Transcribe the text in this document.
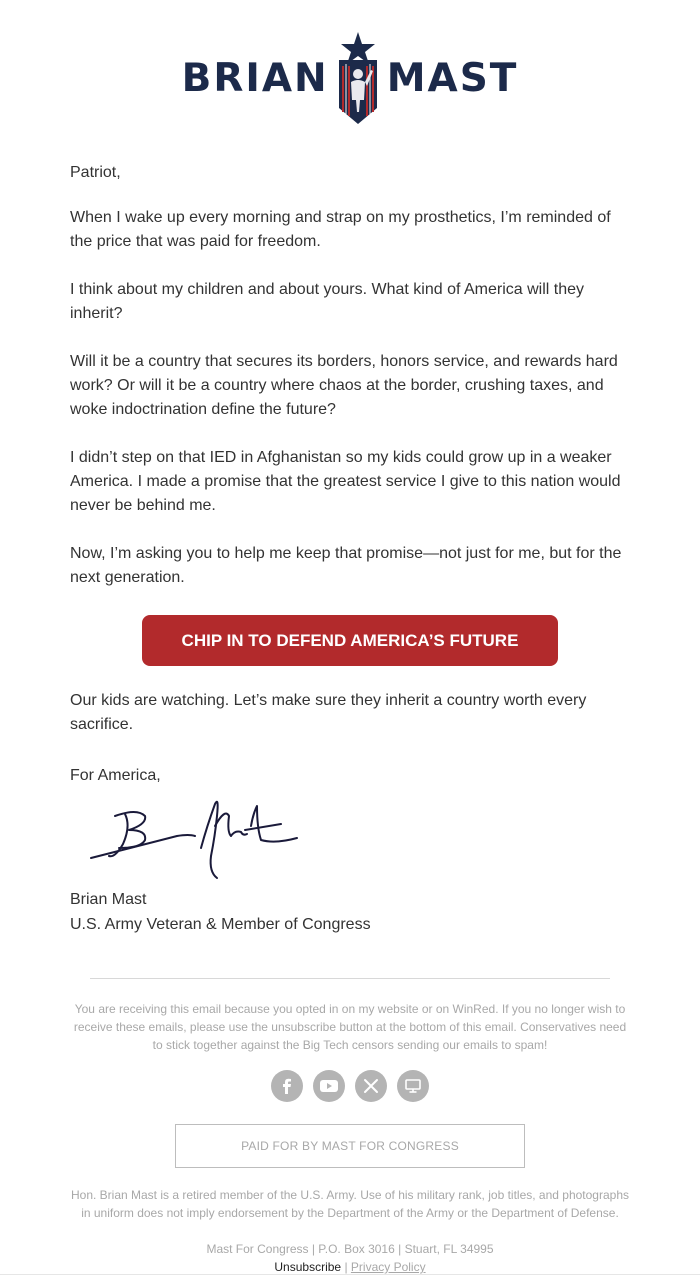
BRIAN MAST

Patriot,

When I wake up every morning and strap on my prosthetics, I’m reminded of the price that was paid for freedom.

I think about my children and about yours. What kind of America will they inherit?

Will it be a country that secures its borders, honors service, and rewards hard work? Or will it be a country where chaos at the border, crushing taxes, and woke indoctrination define the future?

I didn’t step on that IED in Afghanistan so my kids could grow up in a weaker America. I made a promise that the greatest service I give to this nation would never be behind me.

Now, I’m asking you to help me keep that promise—not just for me, but for the next generation.

CHIP IN TO DEFEND AMERICA’S FUTURE

Our kids are watching. Let’s make sure they inherit a country worth every sacrifice.

For America,

Brian Mast

U.S. Army Veteran & Member of Congress

You are receiving this email because you opted in on my website or on WinRed. If you no longer wish to receive these emails, please use the unsubscribe button at the bottom of this email. Conservatives need to stick together against the Big Tech censors sending our emails to spam!
PAID FOR BY MAST FOR CONGRESS
Hon. Brian Mast is a retired member of the U.S. Army. Use of his military rank, job titles, and photographs in uniform does not imply endorsement by the Department of the Army or the Department of Defense.
Mast For Congress | P.O. Box 3016 | Stuart, FL 34995
Unsubscribe | Privacy Policy
